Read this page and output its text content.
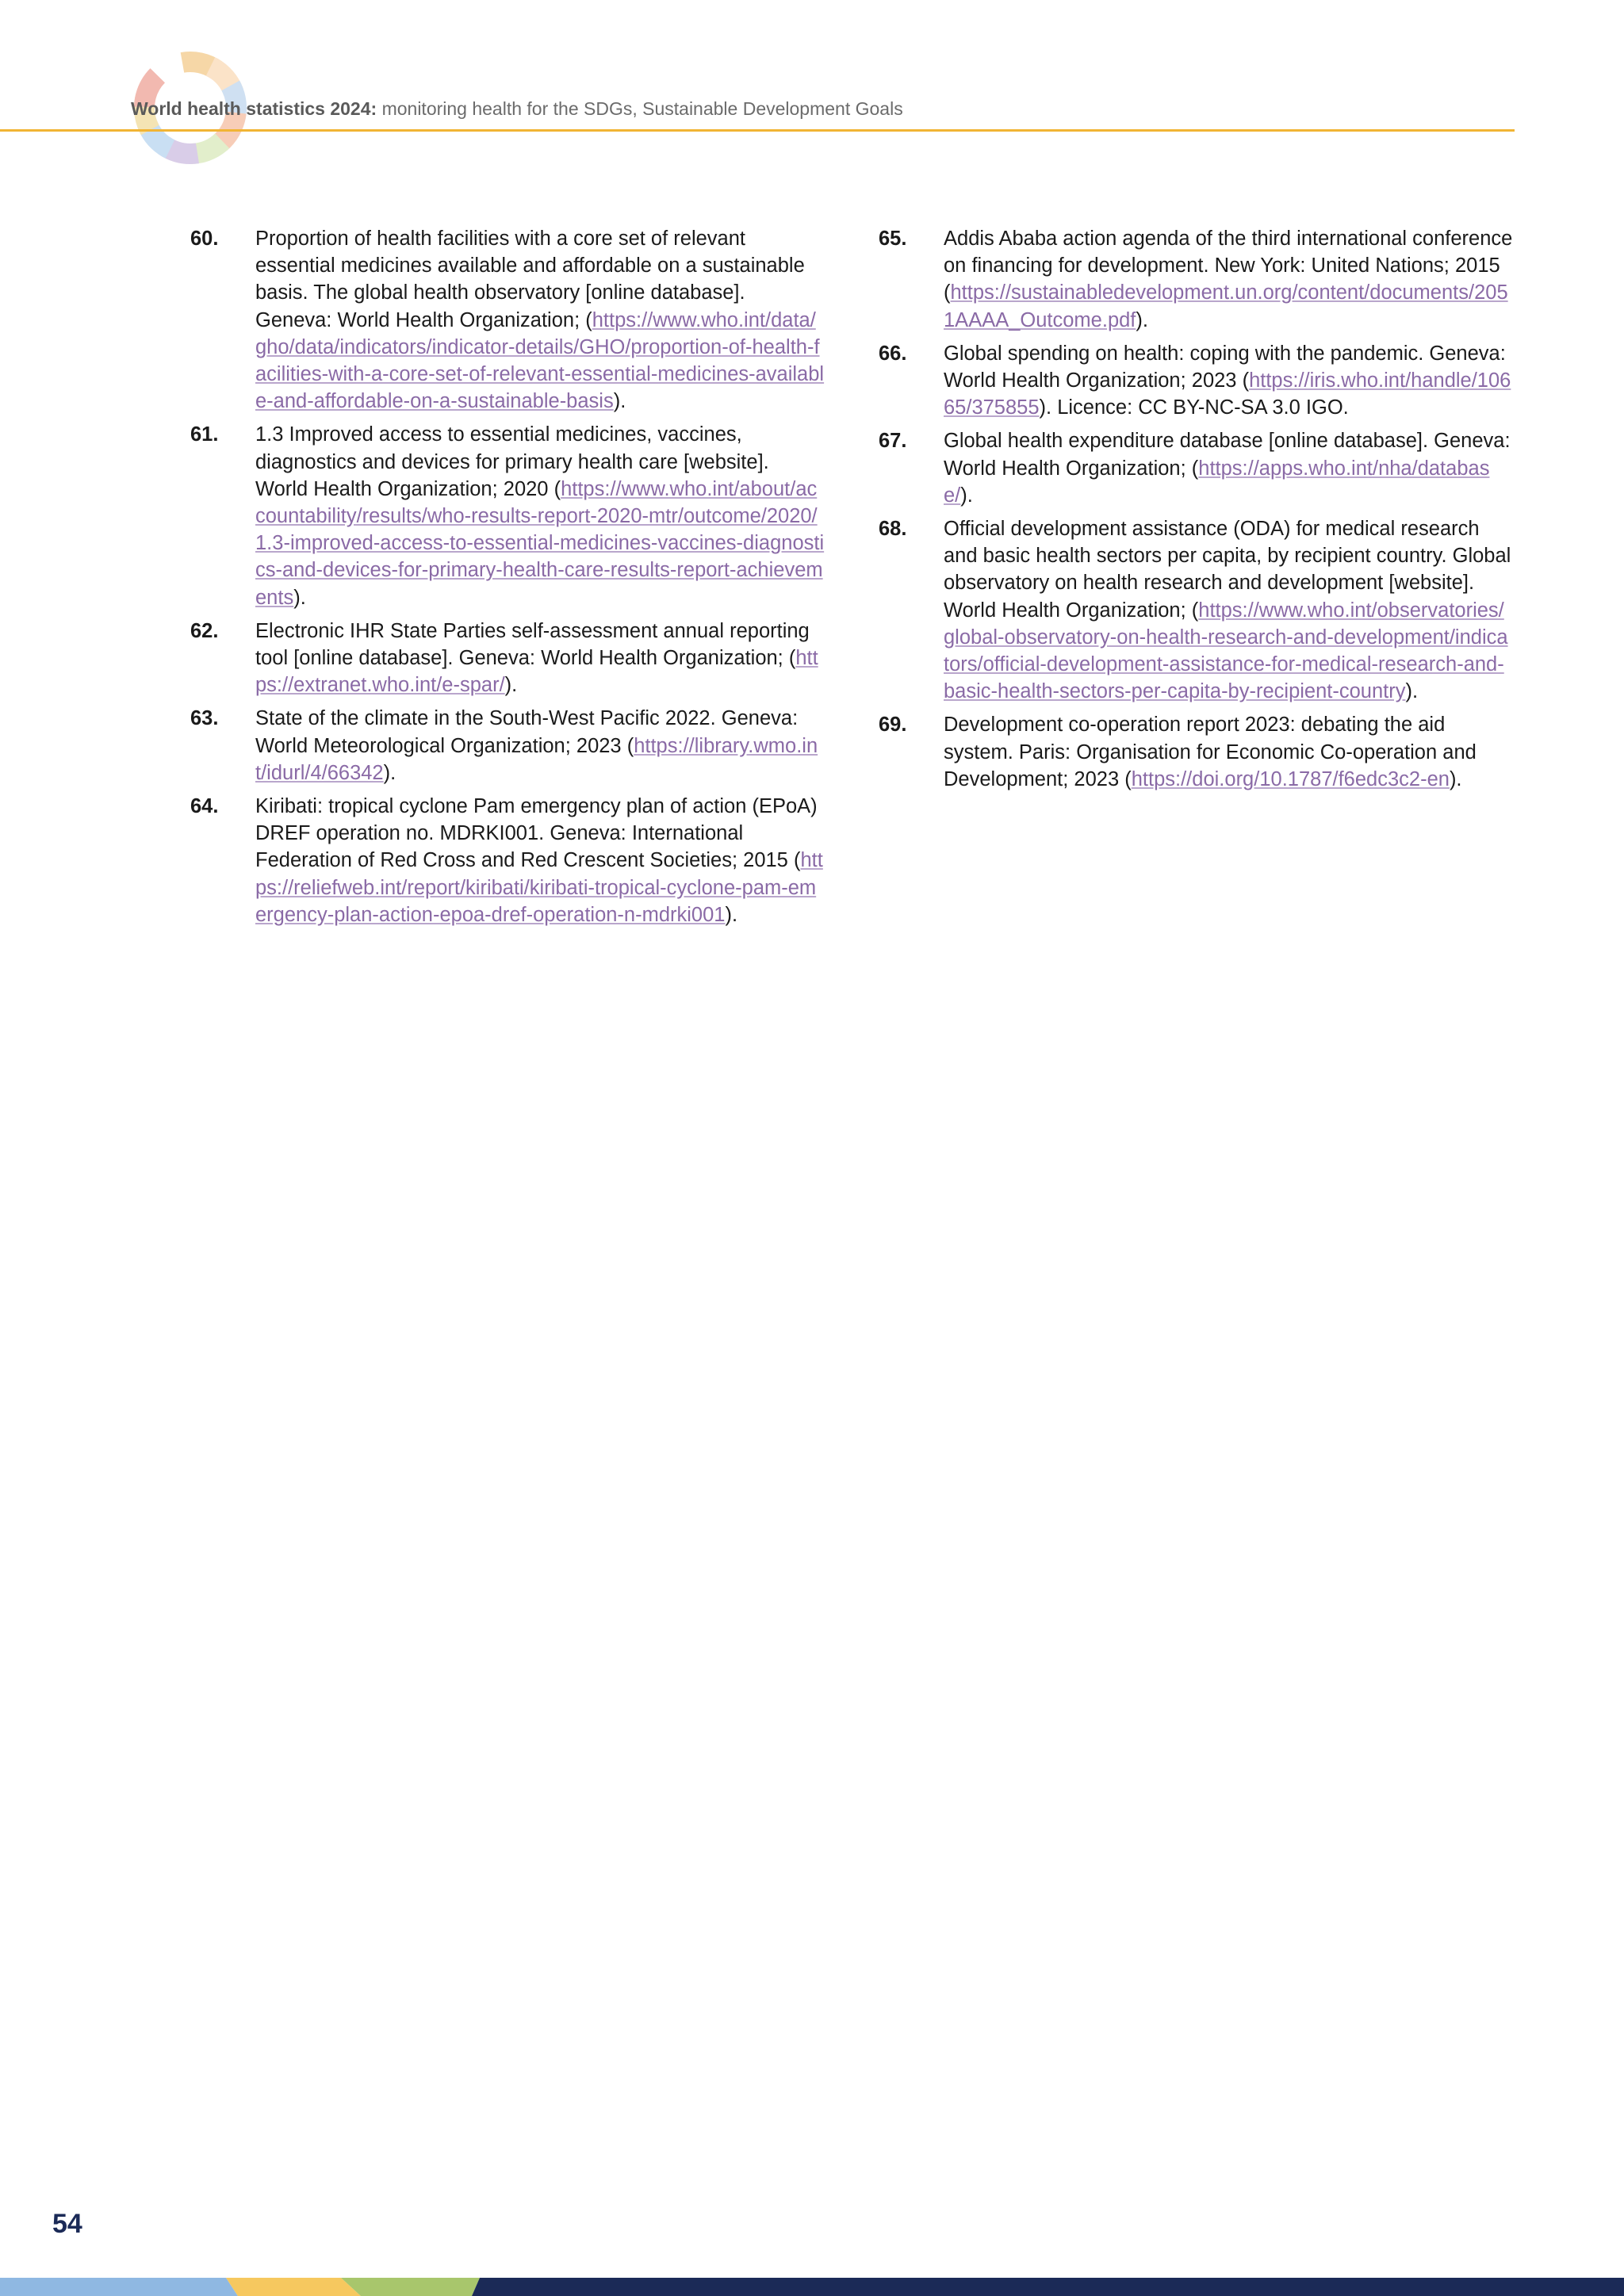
World health statistics 2024: monitoring health for the SDGs, Sustainable Development Goals
60.	Proportion of health facilities with a core set of relevant essential medicines available and affordable on a sustainable basis. The global health observatory [online database]. Geneva: World Health Organization; (https://www.who.int/data/gho/data/indicators/indicator-details/GHO/proportion-of-health-facilities-with-a-core-set-of-relevant-essential-medicines-available-and-affordable-on-a-sustainable-basis).
61.	1.3 Improved access to essential medicines, vaccines, diagnostics and devices for primary health care [website]. World Health Organization; 2020 (https://www.who.int/about/accountability/results/who-results-report-2020-mtr/outcome/2020/1.3-improved-access-to-essential-medicines-vaccines-diagnostics-and-devices-for-primary-health-care-results-report-achievements).
62.	Electronic IHR State Parties self-assessment annual reporting tool [online database]. Geneva: World Health Organization; (https://extranet.who.int/e-spar/).
63.	State of the climate in the South-West Pacific 2022. Geneva: World Meteorological Organization; 2023 (https://library.wmo.int/idurl/4/66342).
64.	Kiribati: tropical cyclone Pam emergency plan of action (EPoA) DREF operation no. MDRKI001. Geneva: International Federation of Red Cross and Red Crescent Societies; 2015 (https://reliefweb.int/report/kiribati/kiribati-tropical-cyclone-pam-emergency-plan-action-epoa-dref-operation-n-mdrki001).
65.	Addis Ababa action agenda of the third international conference on financing for development. New York: United Nations; 2015 (https://sustainabledevelopment.un.org/content/documents/2051AAAA_Outcome.pdf).
66.	Global spending on health: coping with the pandemic. Geneva: World Health Organization; 2023 (https://iris.who.int/handle/10665/375855). Licence: CC BY-NC-SA 3.0 IGO.
67.	Global health expenditure database [online database]. Geneva: World Health Organization; (https://apps.who.int/nha/database/).
68.	Official development assistance (ODA) for medical research and basic health sectors per capita, by recipient country. Global observatory on health research and development [website]. World Health Organization; (https://www.who.int/observatories/global-observatory-on-health-research-and-development/indicators/official-development-assistance-for-medical-research-and-basic-health-sectors-per-capita-by-recipient-country).
69.	Development co-operation report 2023: debating the aid system. Paris: Organisation for Economic Co-operation and Development; 2023 (https://doi.org/10.1787/f6edc3c2-en).
54
